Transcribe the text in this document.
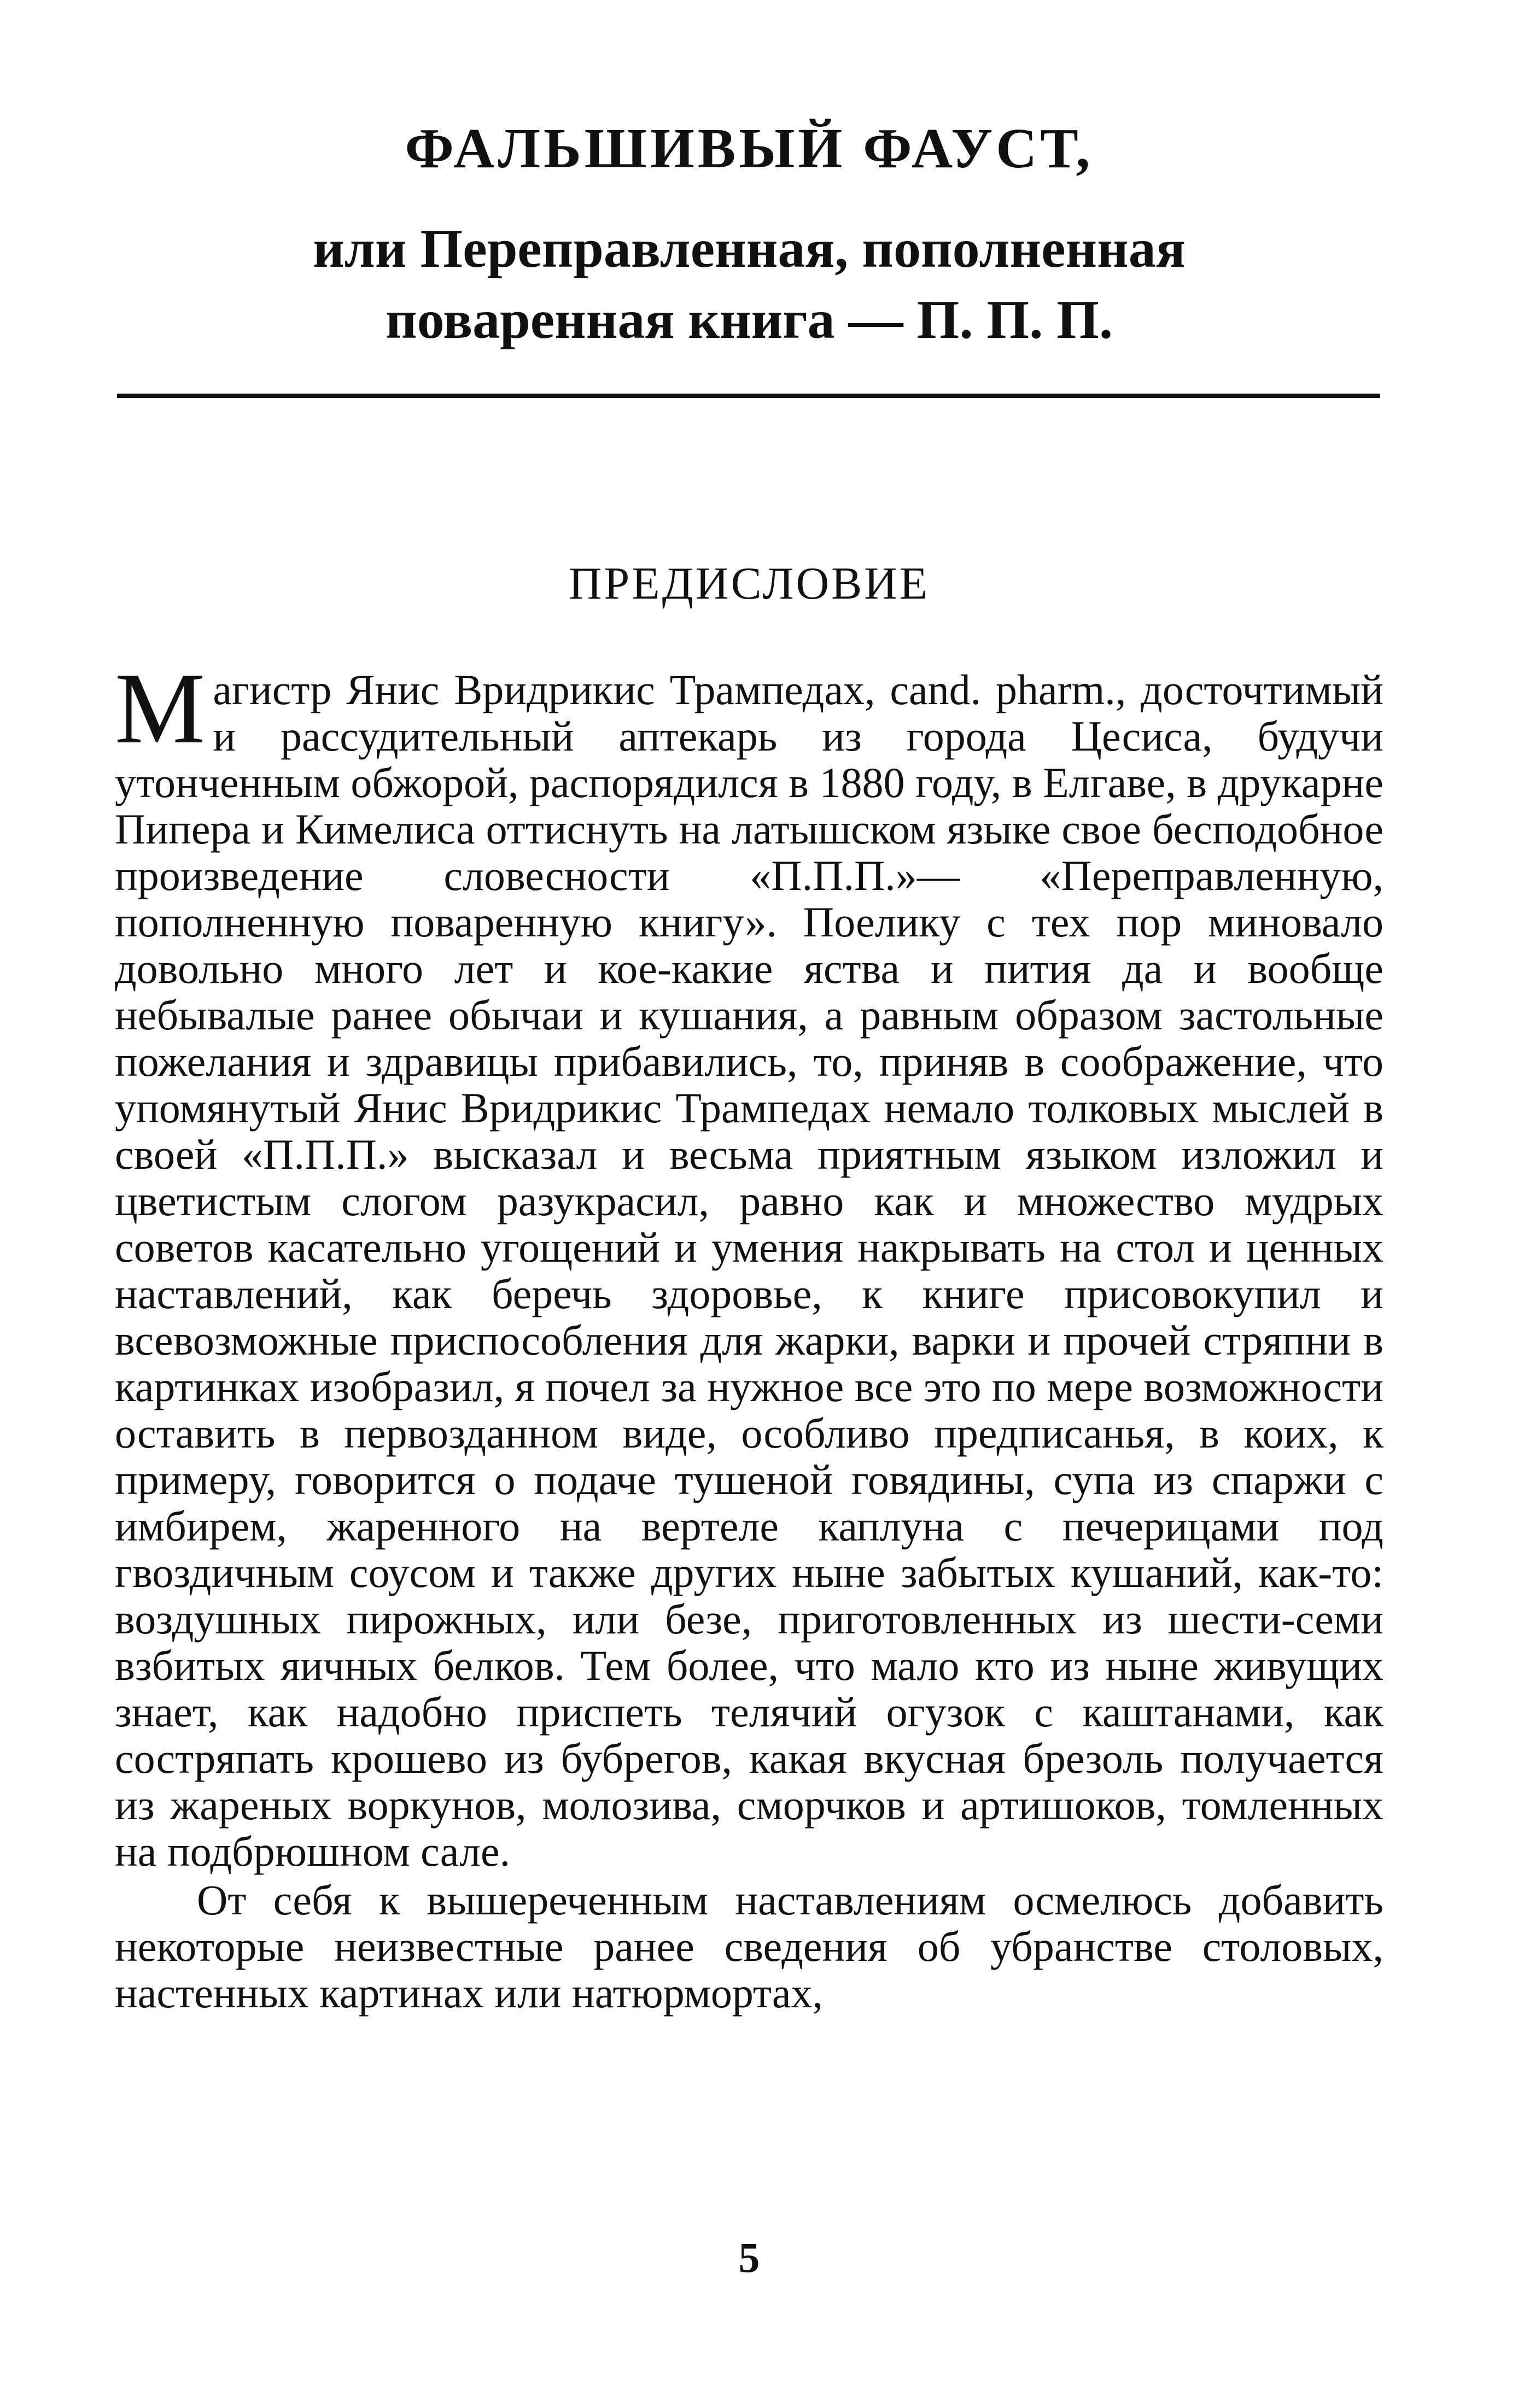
ФАЛЬШИВЫЙ ФАУСТ,
или Переправленная, пополненная
поваренная книга — П. П. П.
ПРЕДИСЛОВИЕ

Магистр Янис Вридрикис Трампедах, cand. pharm., досточтимый и рассудительный аптекарь из города Цесиса, будучи утонченным обжорой, распорядился в 1880 году, в Елгаве, в друкарне Пипера и Кимелиса оттиснуть на латышском языке свое бесподобное произведение словесности «П.П.П.»— «Переправленную, пополненную поваренную книгу». Поелику с тех пор миновало довольно много лет и кое-какие яства и пития да и вообще небывалые ранее обычаи и кушания, а равным образом застольные пожелания и здравицы прибавились, то, приняв в соображение, что упомянутый Янис Вридрикис Трампедах немало толковых мыслей в своей «П.П.П.» высказал и весьма приятным языком изложил и цветистым слогом разукрасил, равно как и множество мудрых советов касательно угощений и умения накрывать на стол и ценных наставлений, как беречь здоровье, к книге присовокупил и всевозможные приспособления для жарки, варки и прочей стряпни в картинках изобразил, я почел за нужное все это по мере возможности оставить в первозданном виде, особливо предписанья, в коих, к примеру, говорится о подаче тушеной говядины, супа из спаржи с имбирем, жаренного на вертеле каплуна с печерицами под гвоздичным соусом и также других ныне забытых кушаний, как-то: воздушных пирожных, или безе, приготовленных из шести-семи взбитых яичных белков. Тем более, что мало кто из ныне живущих знает, как надобно приспеть телячий огузок с каштанами, как состряпать крошево из бубрегов, какая вкусная брезоль получается из жареных воркунов, молозива, сморчков и артишоков, томленных на подбрюшном сале.

От себя к вышереченным наставлениям осмелюсь добавить некоторые неизвестные ранее сведения об убранстве столовых, настенных картинах или натюрмортах,

5
